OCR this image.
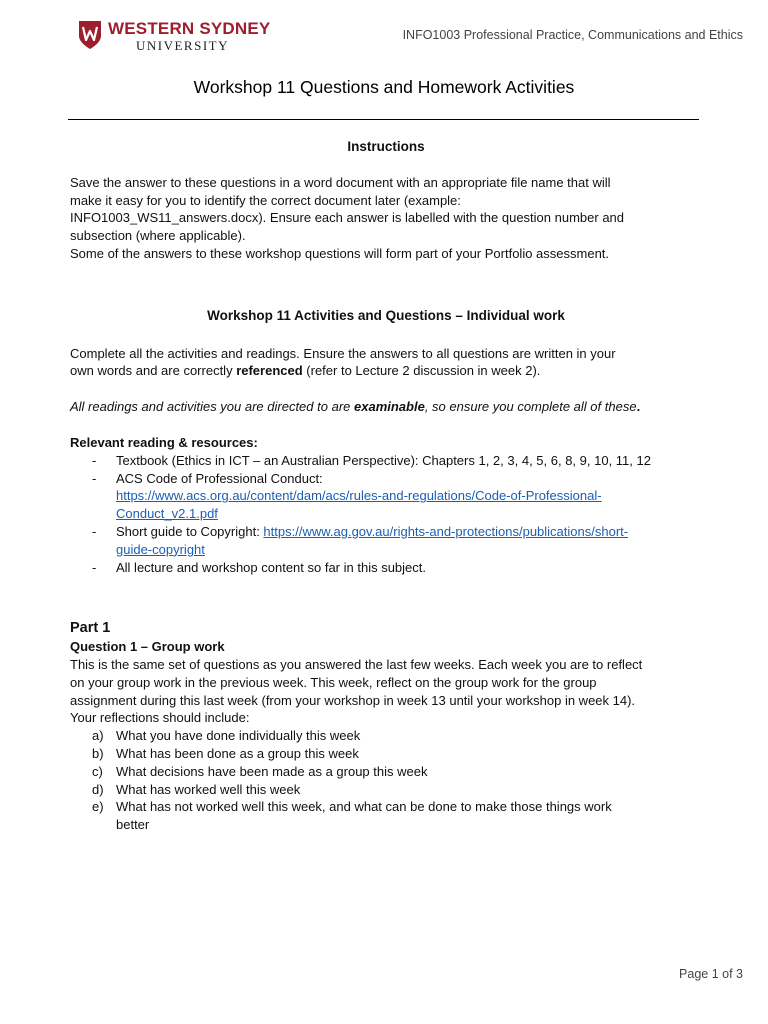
WESTERN SYDNEY
UNIVERSITY
INFO1003 Professional Practice, Communications and Ethics
Workshop 11 Questions and Homework Activities

Instructions

Save the answer to these questions in a word document with an appropriate file name that will

make it easy for you to identify the correct document later (example:

INFO1003_WS11_answers.docx). Ensure each answer is labelled with the question number and

subsection (where applicable).

Some of the answers to these workshop questions will form part of your Portfolio assessment.

Workshop 11 Activities and Questions – Individual work

Complete all the activities and readings. Ensure the answers to all questions are written in your

own words and are correctly referenced (refer to Lecture 2 discussion in week 2).

All readings and activities you are directed to are examinable, so ensure you complete all of these.

Relevant reading & resources:

- Textbook (Ethics in ICT – an Australian Perspective): Chapters 1, 2, 3, 4, 5, 6, 8, 9, 10, 11, 12
- ACS Code of Professional Conduct:
https://www.acs.org.au/content/dam/acs/rules-and-regulations/Code-of-Professional-
Conduct_v2.1.pdf
- Short guide to Copyright: https://www.ag.gov.au/rights-and-protections/publications/short-
guide-copyright
- All lecture and workshop content so far in this subject.

Part 1

Question 1 – Group work

This is the same set of questions as you answered the last few weeks. Each week you are to reflect

on your group work in the previous week. This week, reflect on the group work for the group

assignment during this last week (from your workshop in week 13 until your workshop in week 14).

Your reflections should include:

a) What you have done individually this week
b) What has been done as a group this week
c) What decisions have been made as a group this week
d) What has worked well this week
e) What has not worked well this week, and what can be done to make those things work
better
Page 1 of 3
